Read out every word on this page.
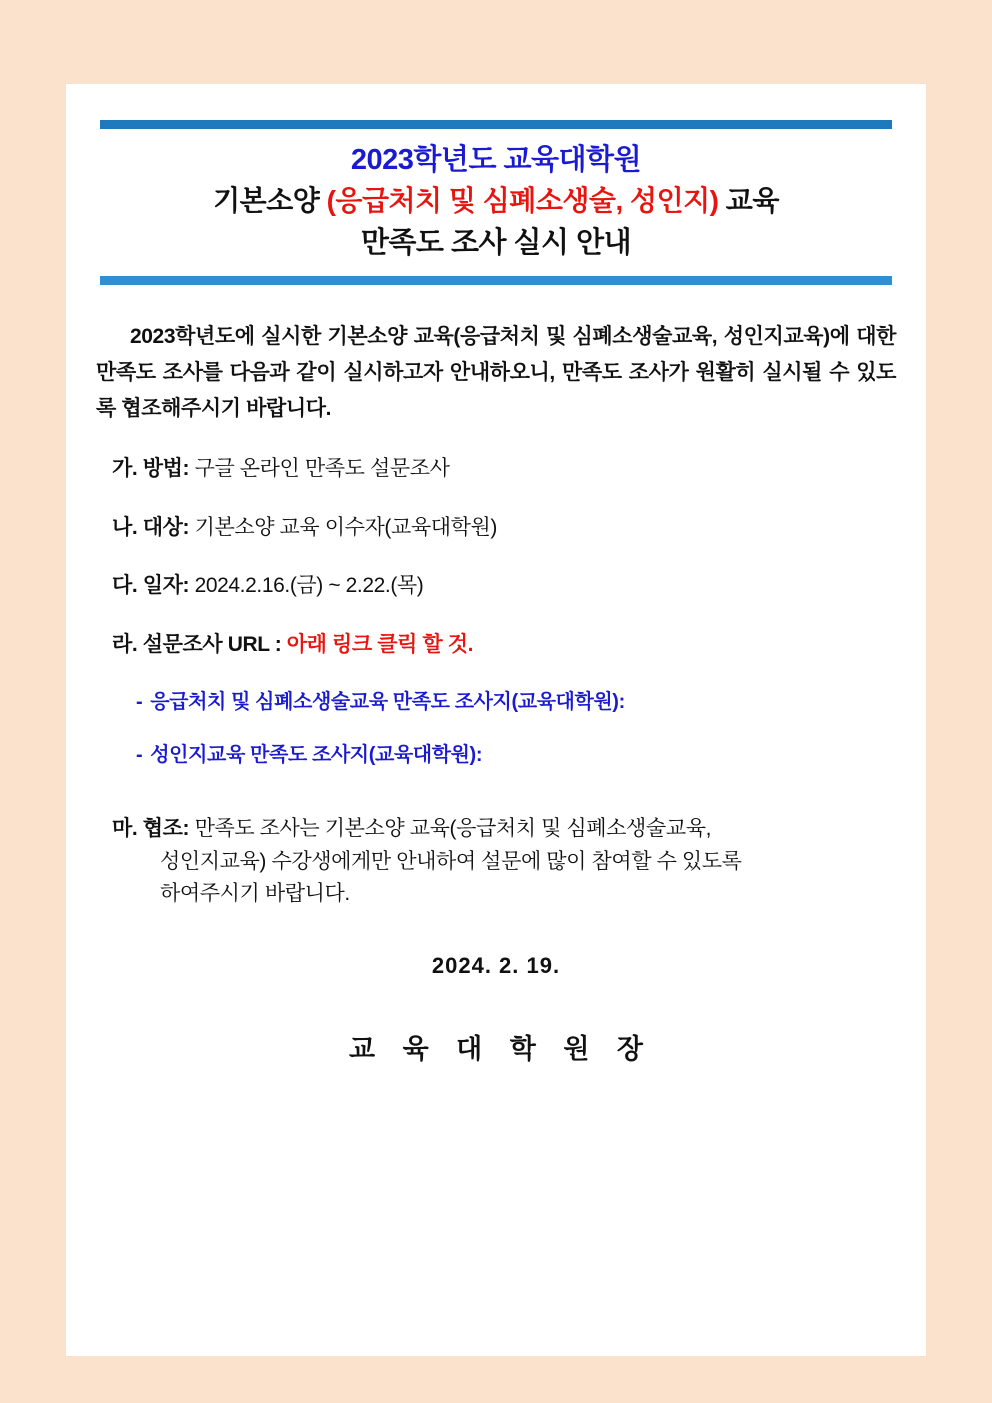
2023학년도 교육대학원
기본소양 (응급처치 및 심폐소생술, 성인지) 교육
만족도 조사 실시 안내
2023학년도에 실시한 기본소양 교육(응급처치 및 심폐소생술교육, 성인지교육)에 대한 만족도 조사를 다음과 같이 실시하고자 안내하오니, 만족도 조사가 원활히 실시될 수 있도록 협조해주시기 바랍니다.
가. 방법: 구글 온라인 만족도 설문조사
나. 대상: 기본소양 교육 이수자(교육대학원)
다. 일자: 2024.2.16.(금) ~ 2.22.(목)
라. 설문조사 URL : 아래 링크 클릭 할 것.
- 응급처치 및 심폐소생술교육 만족도 조사지(교육대학원):
- 성인지교육 만족도 조사지(교육대학원):
마. 협조: 만족도 조사는 기본소양 교육(응급처치 및 심폐소생술교육,
성인지교육) 수강생에게만 안내하여 설문에 많이 참여할 수 있도록
하여주시기 바랍니다.
2024. 2. 19.
교 육 대 학 원 장
